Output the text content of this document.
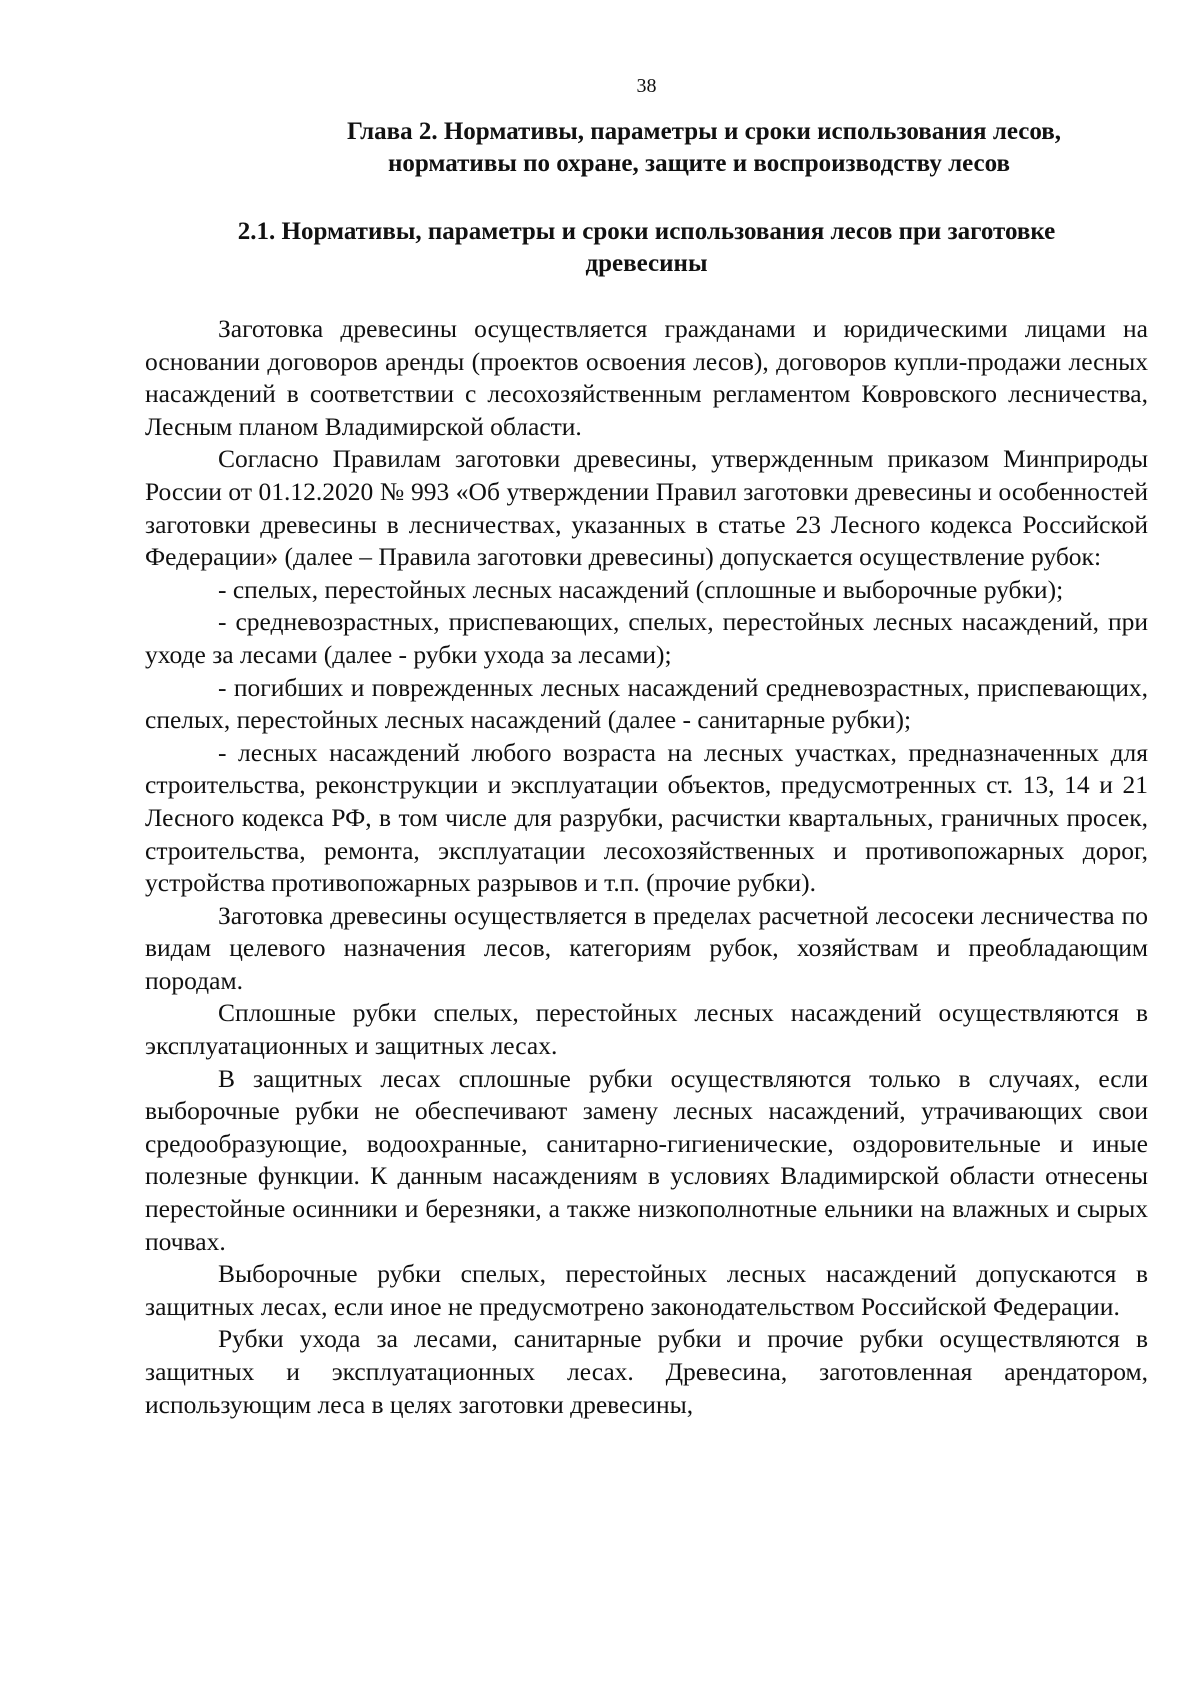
38
Глава 2. Нормативы, параметры и сроки использования лесов,
нормативы по охране, защите и воспроизводству лесов
2.1. Нормативы, параметры и сроки использования лесов при заготовке
древесины

Заготовка древесины осуществляется гражданами и юридическими лицами на основании договоров аренды (проектов освоения лесов), договоров купли-продажи лесных насаждений в соответствии с лесохозяйственным регламентом Ковровского лесничества, Лесным планом Владимирской области.

Согласно Правилам заготовки древесины, утвержденным приказом Минприроды России от 01.12.2020 № 993 «Об утверждении Правил заготовки древесины и особенностей заготовки древесины в лесничествах, указанных в статье 23 Лесного кодекса Российской Федерации» (далее – Правила заготовки древесины) допускается осуществление рубок:

- спелых, перестойных лесных насаждений (сплошные и выборочные рубки);

- средневозрастных, приспевающих, спелых, перестойных лесных насаждений, при уходе за лесами (далее - рубки ухода за лесами);

- погибших и поврежденных лесных насаждений средневозрастных, приспевающих, спелых, перестойных лесных насаждений (далее - санитарные рубки);

- лесных насаждений любого возраста на лесных участках, предназначенных для строительства, реконструкции и эксплуатации объектов, предусмотренных ст. 13, 14 и 21 Лесного кодекса РФ, в том числе для разрубки, расчистки квартальных, граничных просек, строительства, ремонта, эксплуатации лесохозяйственных и противопожарных дорог, устройства противопожарных разрывов и т.п. (прочие рубки).

Заготовка древесины осуществляется в пределах расчетной лесосеки лесничества по видам целевого назначения лесов, категориям рубок, хозяйствам и преобладающим породам.

Сплошные рубки спелых, перестойных лесных насаждений осуществляются в эксплуатационных и защитных лесах.

В защитных лесах сплошные рубки осуществляются только в случаях, если выборочные рубки не обеспечивают замену лесных насаждений, утрачивающих свои средообразующие, водоохранные, санитарно-гигиенические, оздоровительные и иные полезные функции. К данным насаждениям в условиях Владимирской области отнесены перестойные осинники и березняки, а также низкополнотные ельники на влажных и сырых почвах.

Выборочные рубки спелых, перестойных лесных насаждений допускаются в защитных лесах, если иное не предусмотрено законодательством Российской Федерации.

Рубки ухода за лесами, санитарные рубки и прочие рубки осуществляются в защитных и эксплуатационных лесах. Древесина, заготовленная арендатором, использующим леса в целях заготовки древесины,
